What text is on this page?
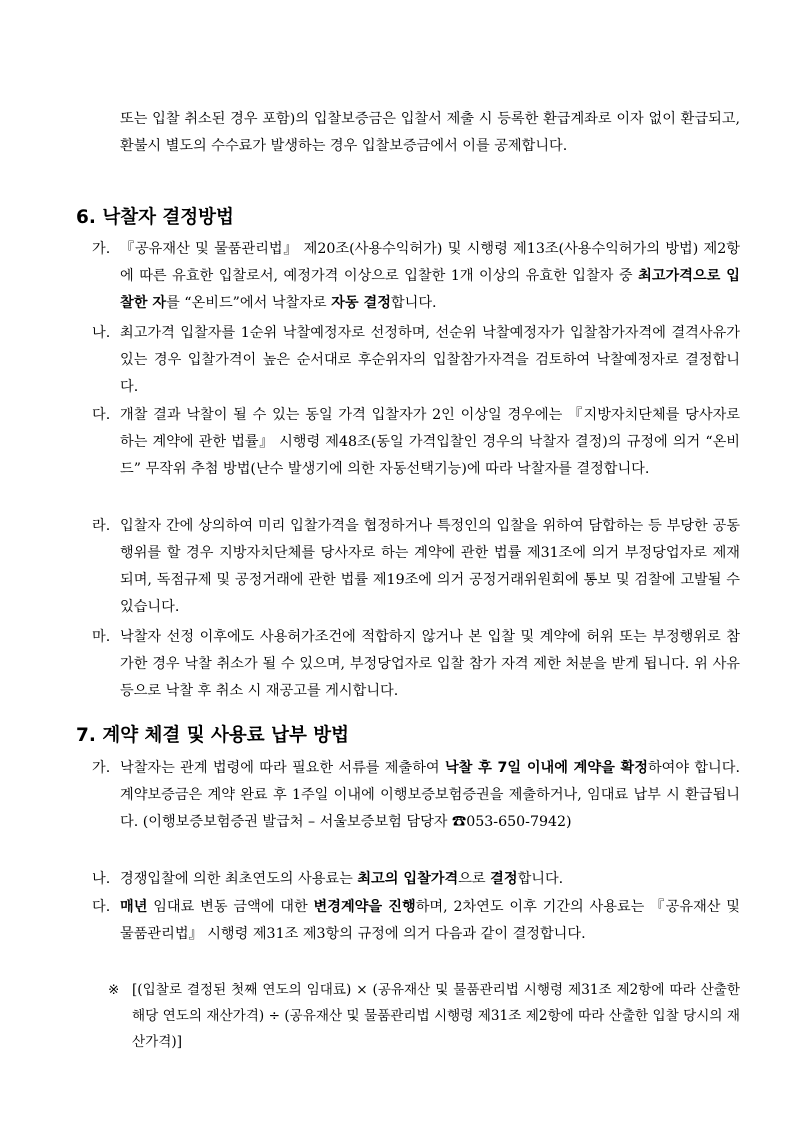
또는 입찰 취소된 경우 포함)의 입찰보증금은 입찰서 제출 시 등록한 환급계좌로 이자 없이 환급되고, 환불시 별도의 수수료가 발생하는 경우 입찰보증금에서 이를 공제합니다.
6. 낙찰자 결정방법
가. 『공유재산 및 물품관리법』 제20조(사용수익허가) 및 시행령 제13조(사용수익허가의 방법) 제2항에 따른 유효한 입찰로서, 예정가격 이상으로 입찰한 1개 이상의 유효한 입찰자 중 최고가격으로 입찰한 자를 “온비드”에서 낙찰자로 자동 결정합니다.
나. 최고가격 입찰자를 1순위 낙찰예정자로 선정하며, 선순위 낙찰예정자가 입찰참가자격에 결격사유가 있는 경우 입찰가격이 높은 순서대로 후순위자의 입찰참가자격을 검토하여 낙찰예정자로 결정합니다.
다. 개찰 결과 낙찰이 될 수 있는 동일 가격 입찰자가 2인 이상일 경우에는 『지방자치단체를 당사자로 하는 계약에 관한 법률』 시행령 제48조(동일 가격입찰인 경우의 낙찰자 결정)의 규정에 의거 “온비드” 무작위 추첨 방법(난수 발생기에 의한 자동선택기능)에 따라 낙찰자를 결정합니다.
라. 입찰자 간에 상의하여 미리 입찰가격을 협정하거나 특정인의 입찰을 위하여 담합하는 등 부당한 공동행위를 할 경우 지방자치단체를 당사자로 하는 계약에 관한 법률 제31조에 의거 부정당업자로 제재되며, 독점규제 및 공정거래에 관한 법률 제19조에 의거 공정거래위원회에 통보 및 검찰에 고발될 수 있습니다.
마. 낙찰자 선정 이후에도 사용허가조건에 적합하지 않거나 본 입찰 및 계약에 허위 또는 부정행위로 참가한 경우 낙찰 취소가 될 수 있으며, 부정당업자로 입찰 참가 자격 제한 처분을 받게 됩니다. 위 사유 등으로 낙찰 후 취소 시 재공고를 게시합니다.
7. 계약 체결 및 사용료 납부 방법
가. 낙찰자는 관계 법령에 따라 필요한 서류를 제출하여 낙찰 후 7일 이내에 계약을 확정하여야 합니다. 계약보증금은 계약 완료 후 1주일 이내에 이행보증보험증권을 제출하거나, 임대료 납부 시 환급됩니다. (이행보증보험증권 발급처 – 서울보증보험 담당자 ☎053-650-7942)
나. 경쟁입찰에 의한 최초연도의 사용료는 최고의 입찰가격으로 결정합니다.
다. 매년 임대료 변동 금액에 대한 변경계약을 진행하며, 2차연도 이후 기간의 사용료는 『공유재산 및 물품관리법』 시행령 제31조 제3항의 규정에 의거 다음과 같이 결정합니다.
※ [(입찰로 결정된 첫째 연도의 임대료) × (공유재산 및 물품관리법 시행령 제31조 제2항에 따라 산출한 해당 연도의 재산가격) ÷ (공유재산 및 물품관리법 시행령 제31조 제2항에 따라 산출한 입찰 당시의 재산가격)]
